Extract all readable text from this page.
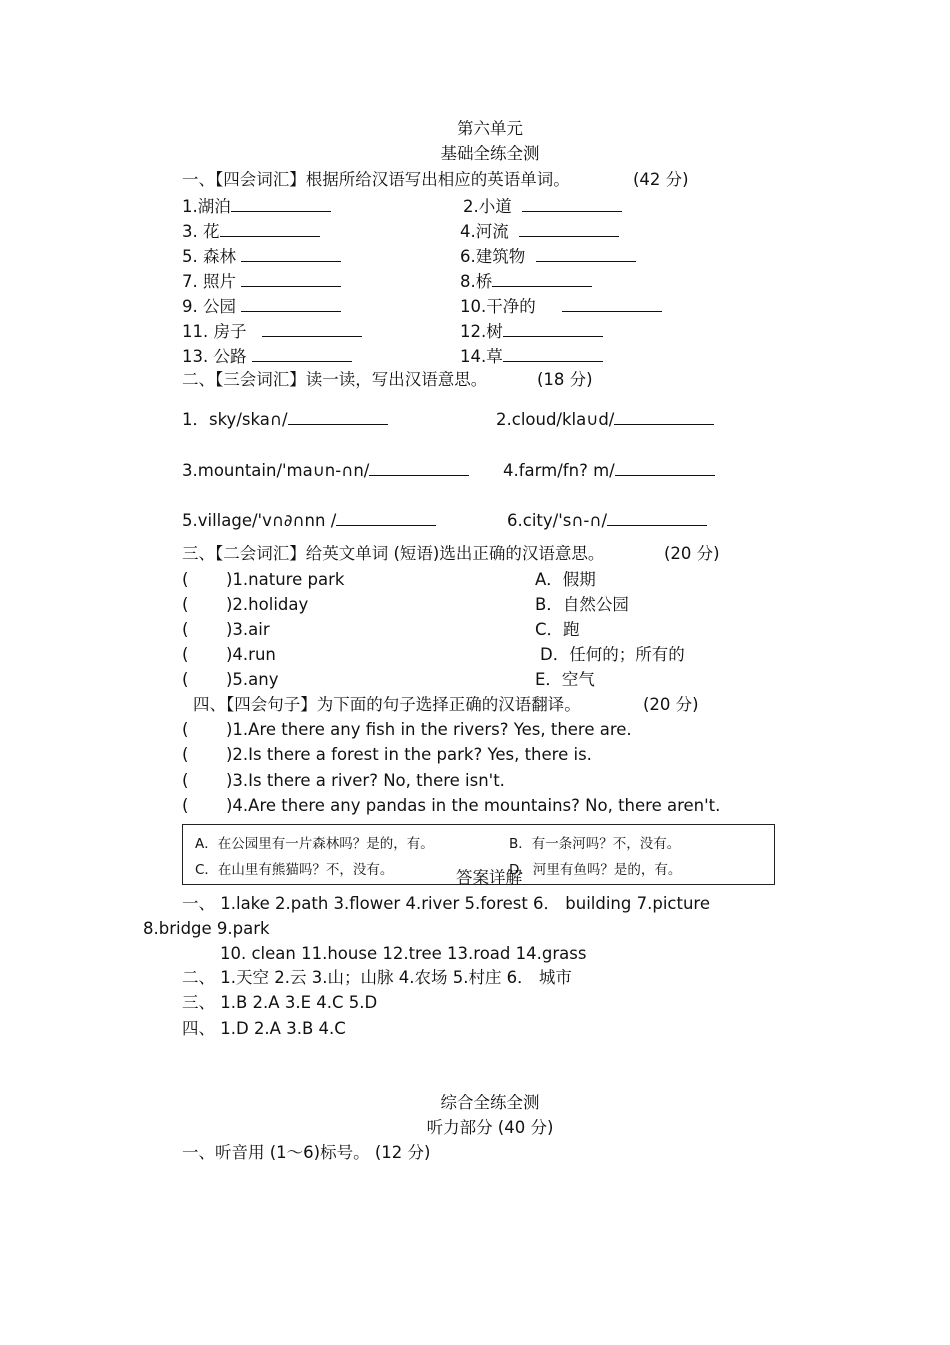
第六单元
基础全练全测
一、【四会词汇】根据所给汉语写出相应的英语单词。	(42 分)
1.湖泊	2.小道
3. 花	4.河流
5. 森林	6.建筑物
7. 照片	8.桥
9. 公园	10.干净的
11. 房子	12.树
13. 公路	14.草
二、【三会词汇】读一读，写出汉语意思。	(18 分)
1．sky/ska∩/	2.cloud/kla∪d/
3.mountain/'ma∪n-∩n/	4.farm/fn? m/
5.village/'v∩∂∩nn /	6.city/'s∩-∩/
三、【二会词汇】给英文单词 (短语)选出正确的汉语意思。	(20 分)
( )1.nature park	A．假期
( )2.holiday	B．自然公园
( )3.air	C．跑
( )4.run	D．任何的；所有的
( )5.any	E．空气
四、【四会句子】为下面的句子选择正确的汉语翻译。	(20 分)
( )1.Are there any fish in the rivers? Yes, there are.
( )2.Is there a forest in the park? Yes, there is.
( )3.Is there a river? No, there isn't.
( )4.Are there any pandas in the mountains? No, there aren't.
A．在公园里有一片森林吗？是的，有。	B．有一条河吗？不，没有。
C．在山里有熊猫吗？不，没有。	D．河里有鱼吗？是的，有。
答案详解
一、 1.lake 2.path 3.flower 4.river 5.forest 6． building 7.picture
8.bridge 9.park
10. clean 11.house 12.tree 13.road 14.grass
二、 1.天空 2.云 3.山；山脉 4.农场 5.村庄 6． 城市
三、 1.B 2.A 3.E 4.C 5.D
四、 1.D 2.A 3.B 4.C
综合全练全测
听力部分 (40 分)
一、听音用 (1～6)标号。 (12 分)
